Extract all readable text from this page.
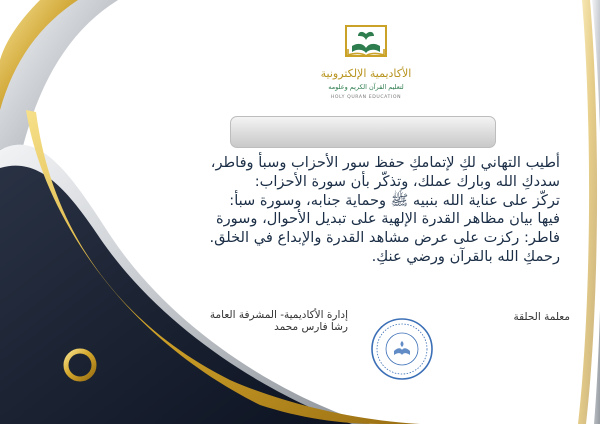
الأكاديمية الإلكترونية
لتعليم القرآن الكريم وعلومه
HOLY QURAN EDUCATION
أطيب التهاني لكِ لإتمامكِ حفظ سور الأحزاب وسبأ وفاطر،
سددكِ الله وبارك عملك، وتذكّر بأن سورة الأحزاب:
تركّز على عناية الله بنبيه ﷺ وحماية جنابه، وسورة سبأ:
فيها بيان مظاهر القدرة الإلهية على تبديل الأحوال، وسورة
فاطر: ركزت على عرض مشاهد القدرة والإبداع في الخلق.
رحمكِ الله بالقرآن ورضي عنكِ.
إدارة الأكاديمية- المشرفة العامة
رشا فارس محمد
معلمة الحلقة
